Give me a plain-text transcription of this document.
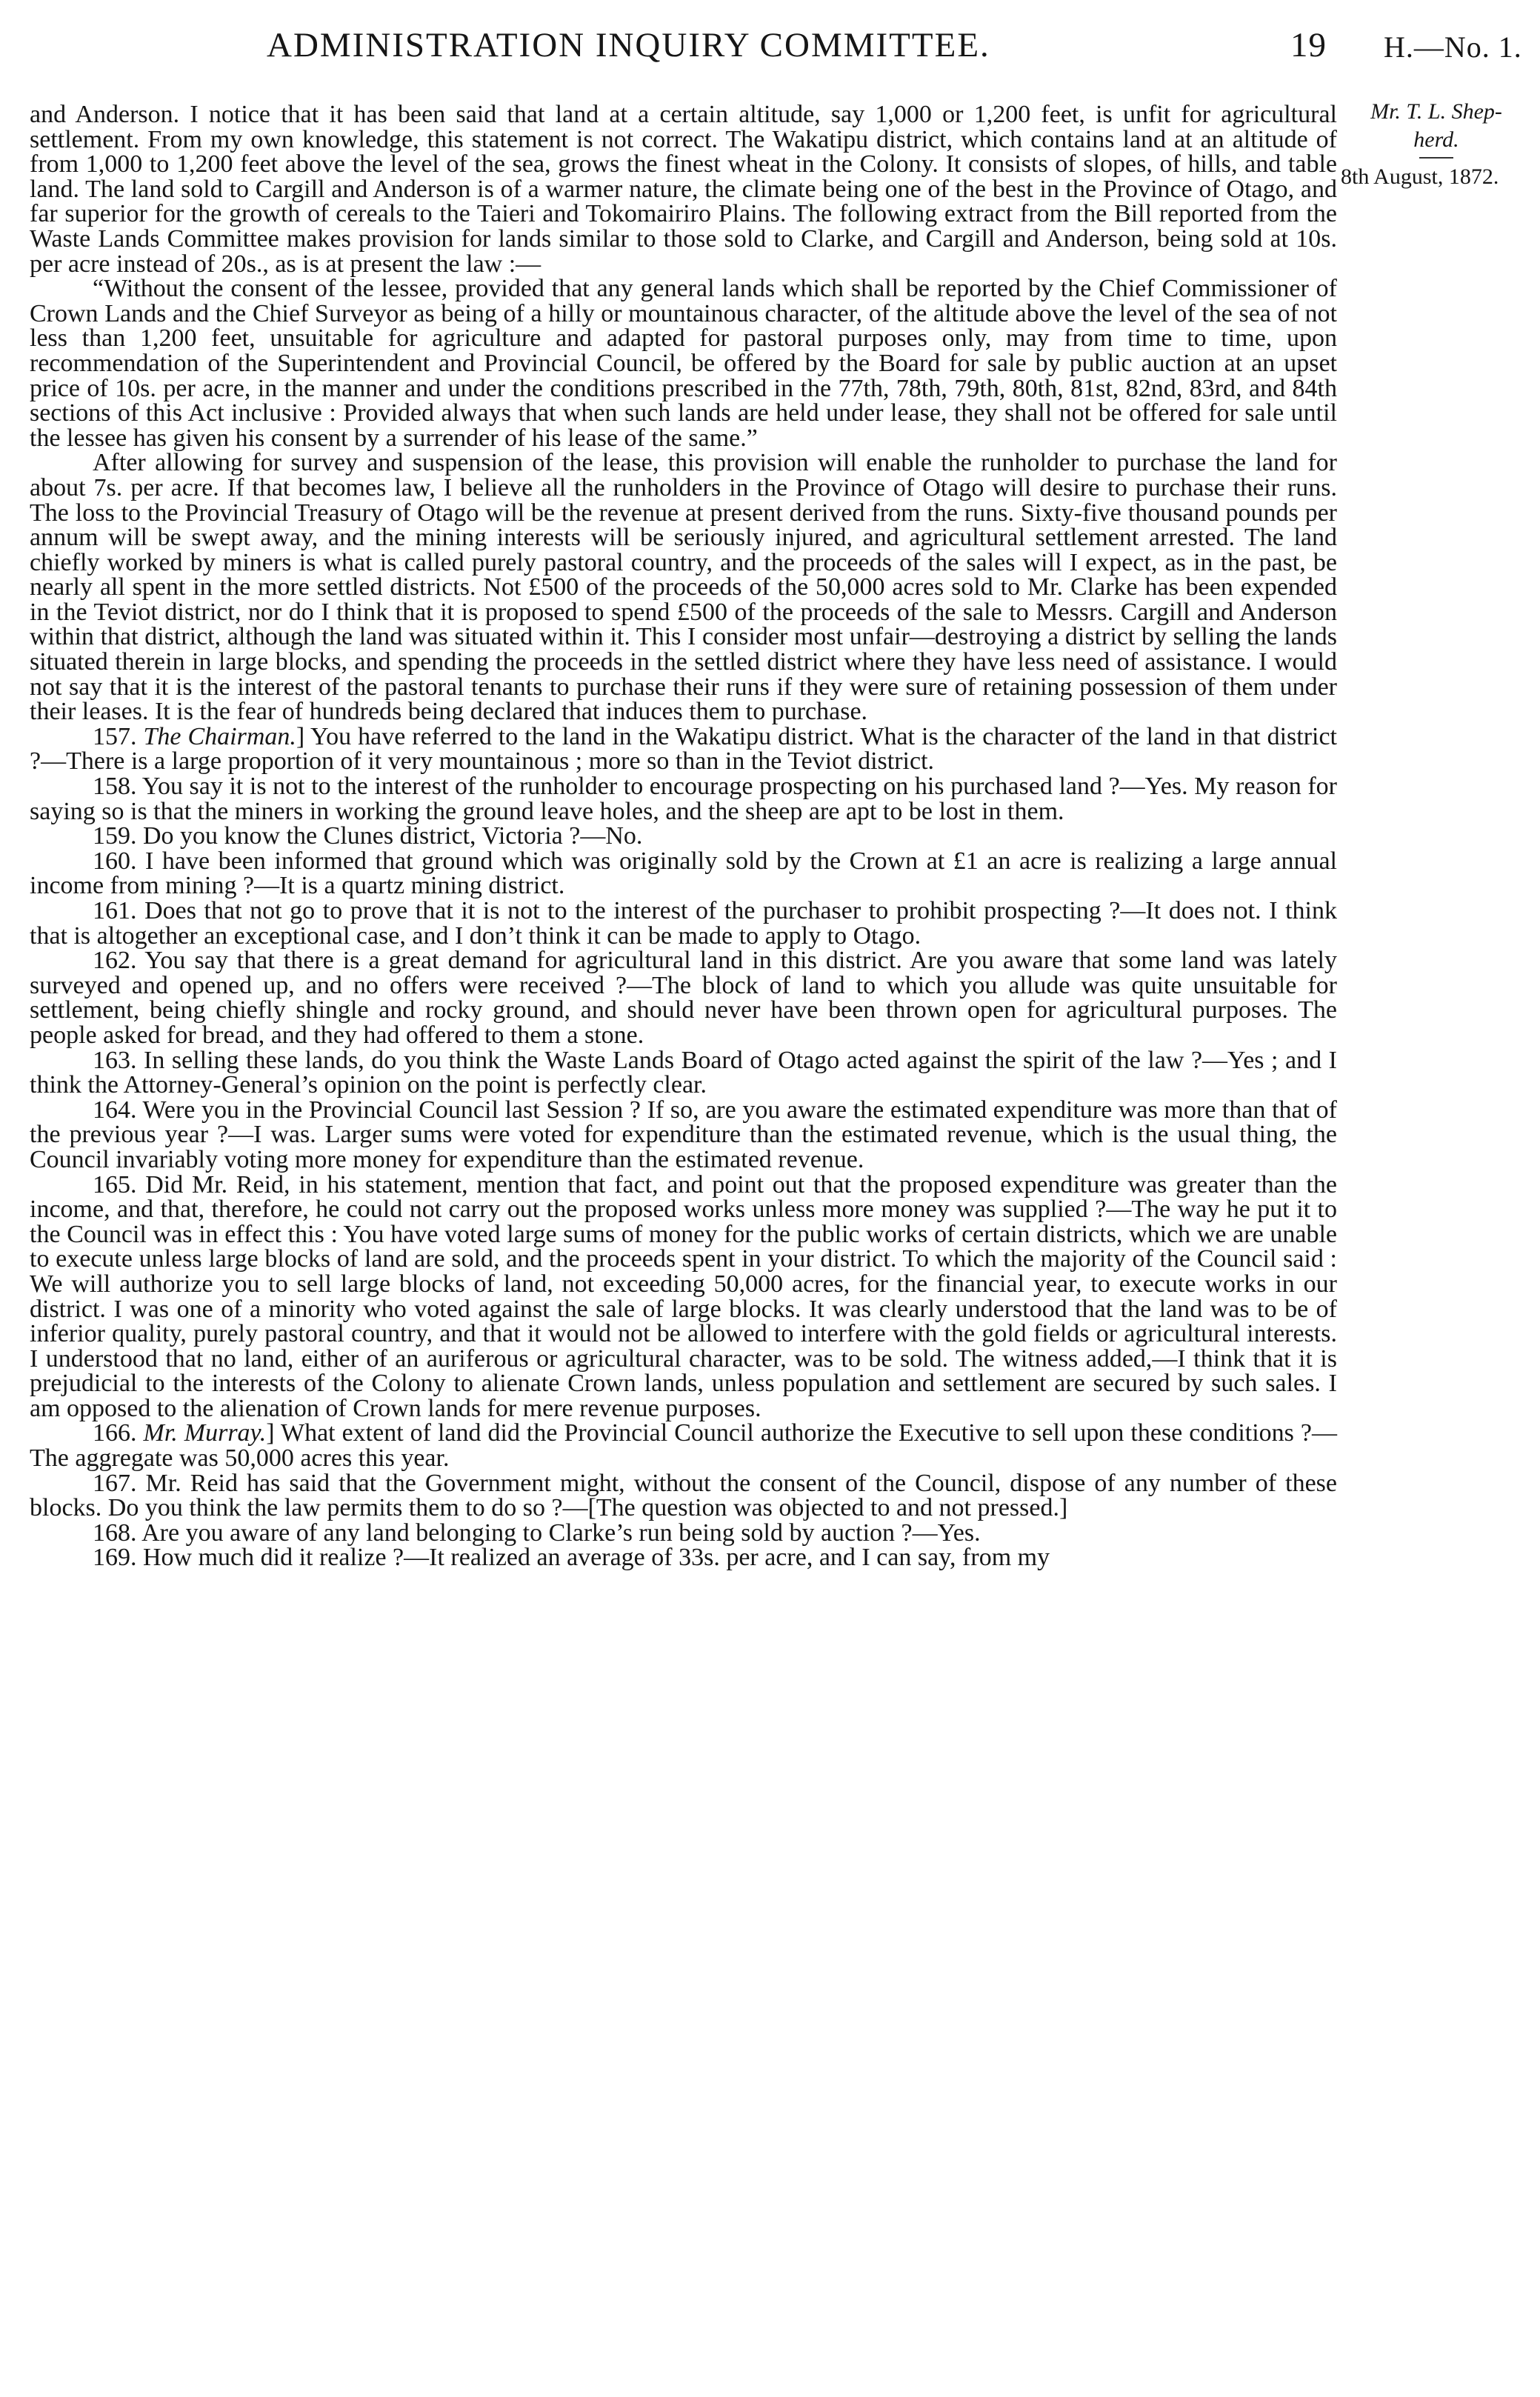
ADMINISTRATION INQUIRY COMMITTEE.	19 H.—No. 1.
Mr. T. L. Shep-
herd.
8th August, 1872.

and Anderson. I notice that it has been said that land at a certain altitude, say 1,000 or 1,200 feet, is unfit for agricultural settlement. From my own knowledge, this statement is not correct. The Wakatipu district, which contains land at an altitude of from 1,000 to 1,200 feet above the level of the sea, grows the finest wheat in the Colony. It consists of slopes, of hills, and table land. The land sold to Cargill and Anderson is of a warmer nature, the climate being one of the best in the Province of Otago, and far superior for the growth of cereals to the Taieri and Tokomairiro Plains. The following extract from the Bill reported from the Waste Lands Committee makes provision for lands similar to those sold to Clarke, and Cargill and Anderson, being sold at 10s. per acre instead of 20s., as is at present the law :—

“Without the consent of the lessee, provided that any general lands which shall be reported by the Chief Commissioner of Crown Lands and the Chief Surveyor as being of a hilly or mountainous character, of the altitude above the level of the sea of not less than 1,200 feet, unsuitable for agriculture and adapted for pastoral purposes only, may from time to time, upon recommendation of the Superintendent and Provincial Council, be offered by the Board for sale by public auction at an upset price of 10s. per acre, in the manner and under the conditions prescribed in the 77th, 78th, 79th, 80th, 81st, 82nd, 83rd, and 84th sections of this Act inclusive : Provided always that when such lands are held under lease, they shall not be offered for sale until the lessee has given his consent by a surrender of his lease of the same.”

After allowing for survey and suspension of the lease, this provision will enable the runholder to purchase the land for about 7s. per acre. If that becomes law, I believe all the runholders in the Province of Otago will desire to purchase their runs. The loss to the Provincial Treasury of Otago will be the revenue at present derived from the runs. Sixty-five thousand pounds per annum will be swept away, and the mining interests will be seriously injured, and agricultural settlement arrested. The land chiefly worked by miners is what is called purely pastoral country, and the proceeds of the sales will I expect, as in the past, be nearly all spent in the more settled districts. Not £500 of the proceeds of the 50,000 acres sold to Mr. Clarke has been expended in the Teviot district, nor do I think that it is proposed to spend £500 of the proceeds of the sale to Messrs. Cargill and Anderson within that district, although the land was situated within it. This I consider most unfair—destroying a district by selling the lands situated therein in large blocks, and spending the proceeds in the settled district where they have less need of assistance. I would not say that it is the interest of the pastoral tenants to purchase their runs if they were sure of retaining possession of them under their leases. It is the fear of hundreds being declared that induces them to purchase.

157. The Chairman.] You have referred to the land in the Wakatipu district. What is the character of the land in that district ?—There is a large proportion of it very mountainous ; more so than in the Teviot district.

158. You say it is not to the interest of the runholder to encourage prospecting on his purchased land ?—Yes. My reason for saying so is that the miners in working the ground leave holes, and the sheep are apt to be lost in them.

159. Do you know the Clunes district, Victoria ?—No.

160. I have been informed that ground which was originally sold by the Crown at £1 an acre is realizing a large annual income from mining ?—It is a quartz mining district.

161. Does that not go to prove that it is not to the interest of the purchaser to prohibit prospecting ?—It does not. I think that is altogether an exceptional case, and I don’t think it can be made to apply to Otago.

162. You say that there is a great demand for agricultural land in this district. Are you aware that some land was lately surveyed and opened up, and no offers were received ?—The block of land to which you allude was quite unsuitable for settlement, being chiefly shingle and rocky ground, and should never have been thrown open for agricultural purposes. The people asked for bread, and they had offered to them a stone.

163. In selling these lands, do you think the Waste Lands Board of Otago acted against the spirit of the law ?—Yes ; and I think the Attorney-General’s opinion on the point is perfectly clear.

164. Were you in the Provincial Council last Session ? If so, are you aware the estimated expenditure was more than that of the previous year ?—I was. Larger sums were voted for expenditure than the estimated revenue, which is the usual thing, the Council invariably voting more money for expenditure than the estimated revenue.

165. Did Mr. Reid, in his statement, mention that fact, and point out that the proposed expenditure was greater than the income, and that, therefore, he could not carry out the proposed works unless more money was supplied ?—The way he put it to the Council was in effect this : You have voted large sums of money for the public works of certain districts, which we are unable to execute unless large blocks of land are sold, and the proceeds spent in your district. To which the majority of the Council said : We will authorize you to sell large blocks of land, not exceeding 50,000 acres, for the financial year, to execute works in our district. I was one of a minority who voted against the sale of large blocks. It was clearly understood that the land was to be of inferior quality, purely pastoral country, and that it would not be allowed to interfere with the gold fields or agricultural interests. I understood that no land, either of an auriferous or agricultural character, was to be sold. The witness added,—I think that it is prejudicial to the interests of the Colony to alienate Crown lands, unless population and settlement are secured by such sales. I am opposed to the alienation of Crown lands for mere revenue purposes.

166. Mr. Murray.] What extent of land did the Provincial Council authorize the Executive to sell upon these conditions ?—The aggregate was 50,000 acres this year.

167. Mr. Reid has said that the Government might, without the consent of the Council, dispose of any number of these blocks. Do you think the law permits them to do so ?—[The question was objected to and not pressed.]

168. Are you aware of any land belonging to Clarke’s run being sold by auction ?—Yes.

169. How much did it realize ?—It realized an average of 33s. per acre, and I can say, from my
